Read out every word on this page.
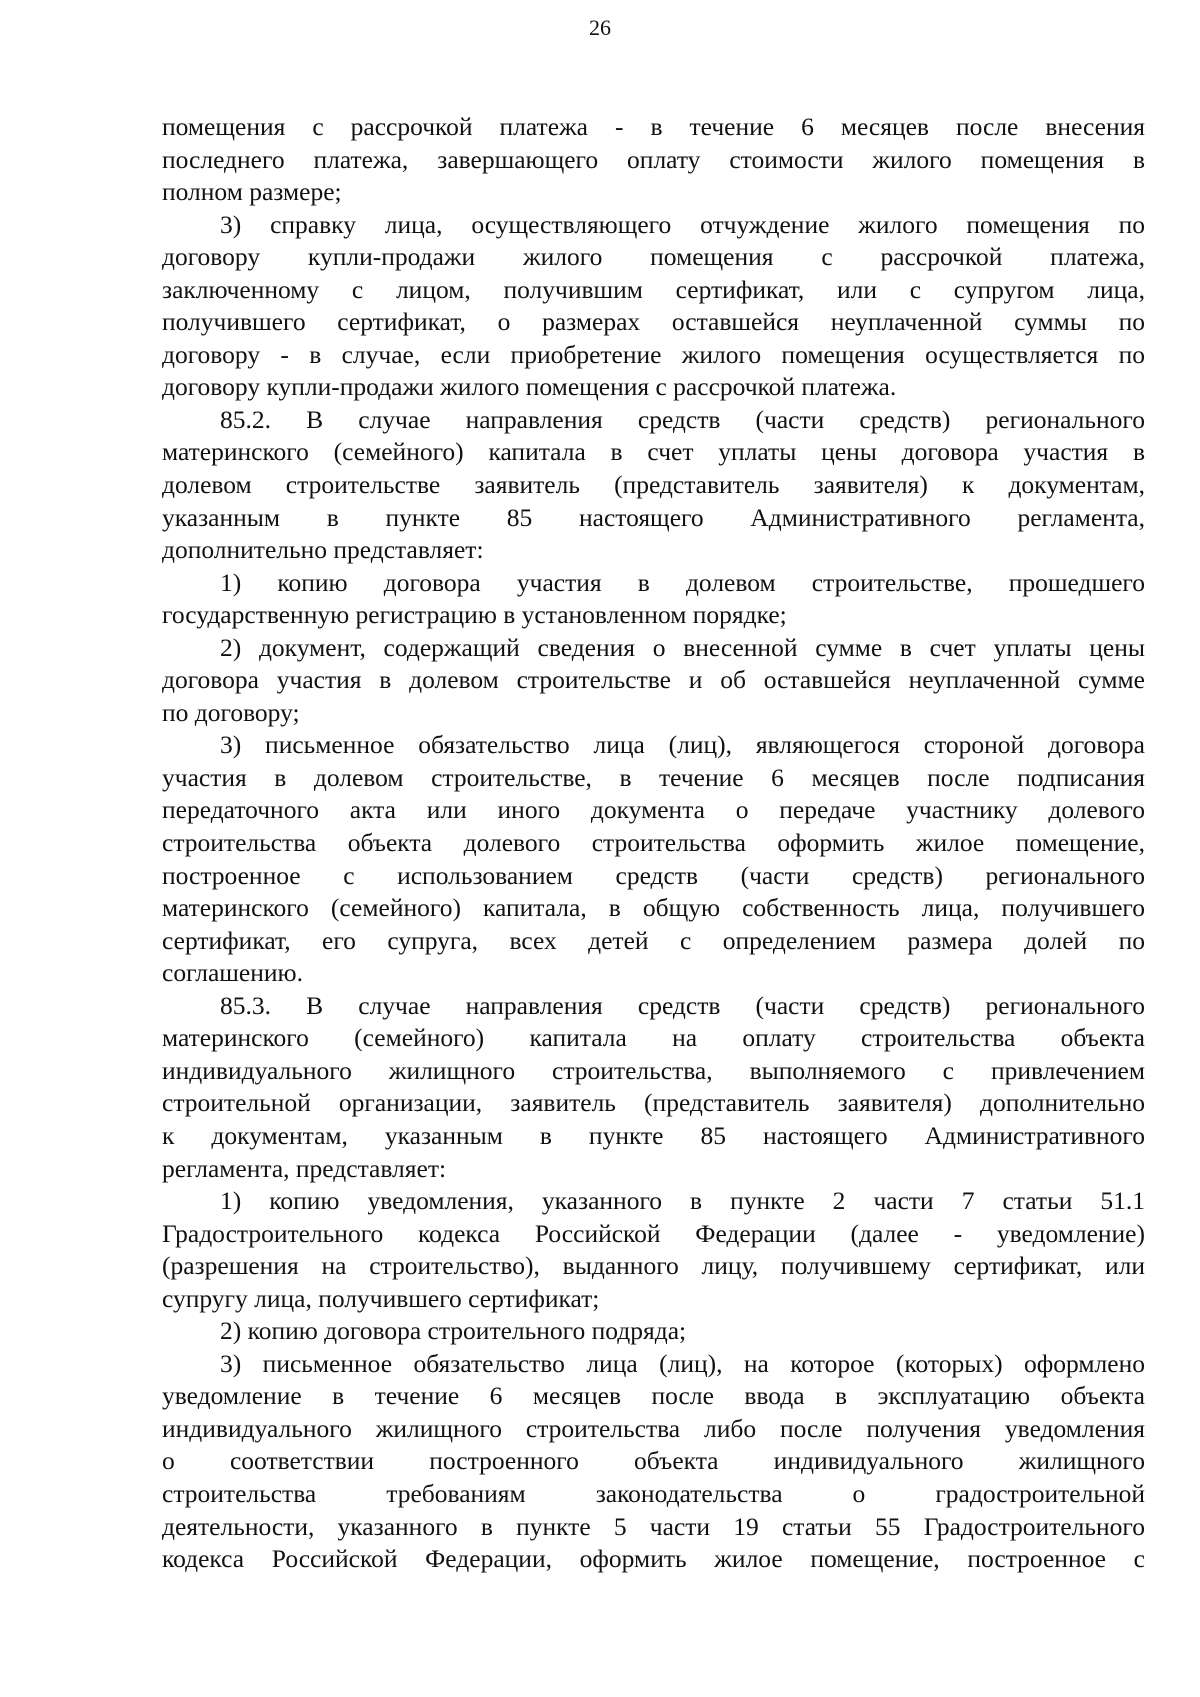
26
помещения с рассрочкой платежа - в течение 6 месяцев после внесения
последнего платежа, завершающего оплату стоимости жилого помещения в
полном размере;
3) справку лица, осуществляющего отчуждение жилого помещения по
договору купли-продажи жилого помещения с рассрочкой платежа,
заключенному с лицом, получившим сертификат, или с супругом лица,
получившего сертификат, о размерах оставшейся неуплаченной суммы по
договору - в случае, если приобретение жилого помещения осуществляется по
договору купли-продажи жилого помещения с рассрочкой платежа.
85.2. В случае направления средств (части средств) регионального
материнского (семейного) капитала в счет уплаты цены договора участия в
долевом строительстве заявитель (представитель заявителя) к документам,
указанным в пункте 85 настоящего Административного регламента,
дополнительно представляет:
1) копию договора участия в долевом строительстве, прошедшего
государственную регистрацию в установленном порядке;
2) документ, содержащий сведения о внесенной сумме в счет уплаты цены
договора участия в долевом строительстве и об оставшейся неуплаченной сумме
по договору;
3) письменное обязательство лица (лиц), являющегося стороной договора
участия в долевом строительстве, в течение 6 месяцев после подписания
передаточного акта или иного документа о передаче участнику долевого
строительства объекта долевого строительства оформить жилое помещение,
построенное с использованием средств (части средств) регионального
материнского (семейного) капитала, в общую собственность лица, получившего
сертификат, его супруга, всех детей с определением размера долей по
соглашению.
85.3. В случае направления средств (части средств) регионального
материнского (семейного) капитала на оплату строительства объекта
индивидуального жилищного строительства, выполняемого с привлечением
строительной организации, заявитель (представитель заявителя) дополнительно
к документам, указанным в пункте 85 настоящего Административного
регламента, представляет:
1) копию уведомления, указанного в пункте 2 части 7 статьи 51.1
Градостроительного кодекса Российской Федерации (далее - уведомление)
(разрешения на строительство), выданного лицу, получившему сертификат, или
супругу лица, получившего сертификат;
2) копию договора строительного подряда;
3) письменное обязательство лица (лиц), на которое (которых) оформлено
уведомление в течение 6 месяцев после ввода в эксплуатацию объекта
индивидуального жилищного строительства либо после получения уведомления
о соответствии построенного объекта индивидуального жилищного
строительства требованиям законодательства о градостроительной
деятельности, указанного в пункте 5 части 19 статьи 55 Градостроительного
кодекса Российской Федерации, оформить жилое помещение, построенное с
